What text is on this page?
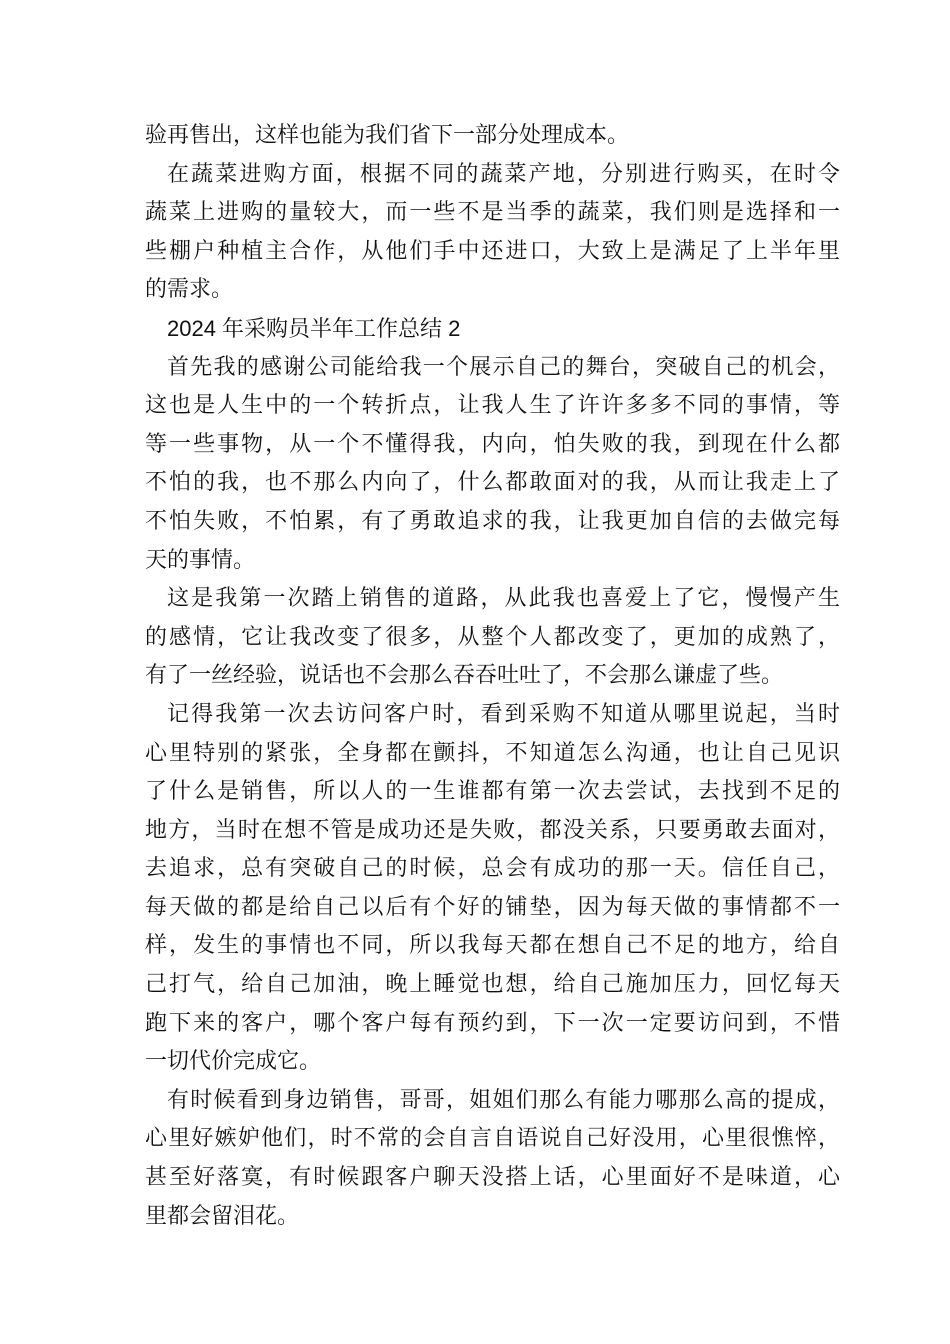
验再售出，这样也能为我们省下一部分处理成本。
在蔬菜进购方面，根据不同的蔬菜产地，分别进行购买，在时令
蔬菜上进购的量较大，而一些不是当季的蔬菜，我们则是选择和一
些棚户种植主合作，从他们手中还进口，大致上是满足了上半年里
的需求。
2024 年采购员半年工作总结 2
首先我的感谢公司能给我一个展示自己的舞台，突破自己的机会，
这也是人生中的一个转折点，让我人生了许许多多不同的事情，等
等一些事物，从一个不懂得我，内向，怕失败的我，到现在什么都
不怕的我，也不那么内向了，什么都敢面对的我，从而让我走上了
不怕失败，不怕累，有了勇敢追求的我，让我更加自信的去做完每
天的事情。
这是我第一次踏上销售的道路，从此我也喜爱上了它，慢慢产生
的感情，它让我改变了很多，从整个人都改变了，更加的成熟了，
有了一丝经验，说话也不会那么吞吞吐吐了，不会那么谦虚了些。
记得我第一次去访问客户时，看到采购不知道从哪里说起，当时
心里特别的紧张，全身都在颤抖，不知道怎么沟通，也让自己见识
了什么是销售，所以人的一生谁都有第一次去尝试，去找到不足的
地方，当时在想不管是成功还是失败，都没关系，只要勇敢去面对，
去追求，总有突破自己的时候，总会有成功的那一天。信任自己，
每天做的都是给自己以后有个好的铺垫，因为每天做的事情都不一
样，发生的事情也不同，所以我每天都在想自己不足的地方，给自
己打气，给自己加油，晚上睡觉也想，给自己施加压力，回忆每天
跑下来的客户，哪个客户每有预约到，下一次一定要访问到，不惜
一切代价完成它。
有时候看到身边销售，哥哥，姐姐们那么有能力哪那么高的提成，
心里好嫉妒他们，时不常的会自言自语说自己好没用，心里很憔悴，
甚至好落寞，有时候跟客户聊天没搭上话，心里面好不是味道，心
里都会留泪花。
